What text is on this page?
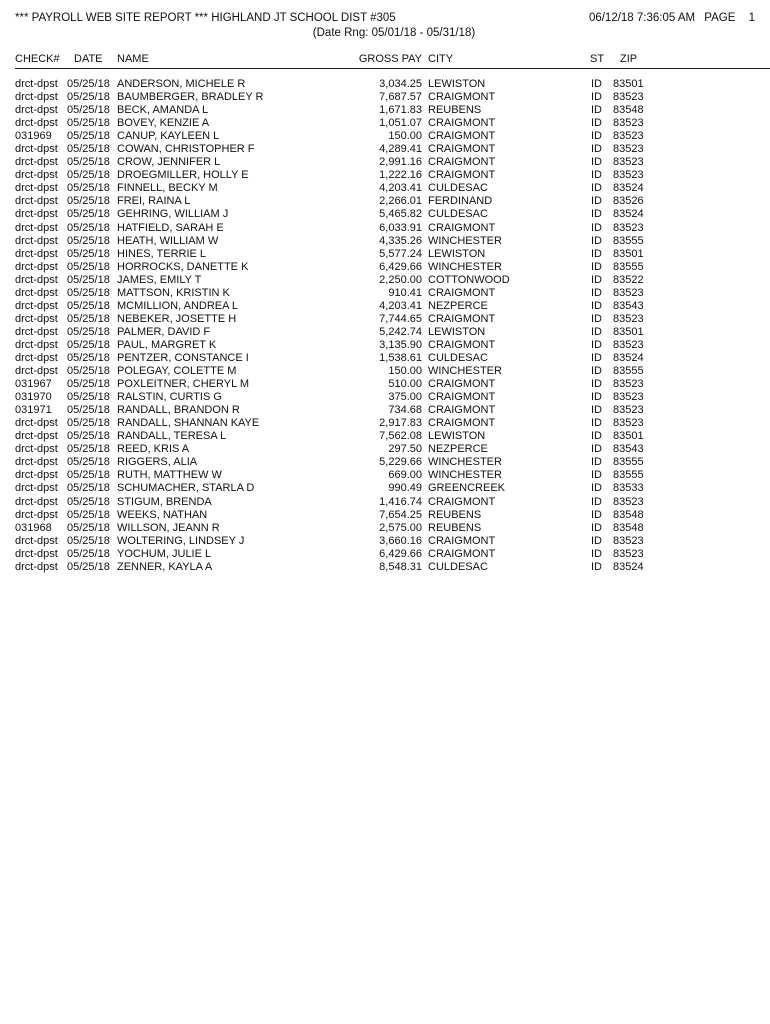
*** PAYROLL WEB SITE REPORT *** HIGHLAND JT SCHOOL DIST #305	06/12/18 7:36:05 AM PAGE 1
(Date Rng: 05/01/18 - 05/31/18)
CHECK# DATE NAME	GROSS PAY CITY	ST ZIP
drct-dpst 05/25/18 ANDERSON, MICHELE R	3,034.25 LEWISTON	ID 83501
drct-dpst 05/25/18 BAUMBERGER, BRADLEY R	7,687.57 CRAIGMONT	ID 83523
drct-dpst 05/25/18 BECK, AMANDA L	1,671.83 REUBENS	ID 83548
drct-dpst 05/25/18 BOVEY, KENZIE A	1,051.07 CRAIGMONT	ID 83523
031969 05/25/18 CANUP, KAYLEEN L	150.00 CRAIGMONT	ID 83523
drct-dpst 05/25/18 COWAN, CHRISTOPHER F	4,289.41 CRAIGMONT	ID 83523
drct-dpst 05/25/18 CROW, JENNIFER L	2,991.16 CRAIGMONT	ID 83523
drct-dpst 05/25/18 DROEGMILLER, HOLLY E	1,222.16 CRAIGMONT	ID 83523
drct-dpst 05/25/18 FINNELL, BECKY M	4,203.41 CULDESAC	ID 83524
drct-dpst 05/25/18 FREI, RAINA L	2,266.01 FERDINAND	ID 83526
drct-dpst 05/25/18 GEHRING, WILLIAM J	5,465.82 CULDESAC	ID 83524
drct-dpst 05/25/18 HATFIELD, SARAH E	6,033.91 CRAIGMONT	ID 83523
drct-dpst 05/25/18 HEATH, WILLIAM W	4,335.26 WINCHESTER	ID 83555
drct-dpst 05/25/18 HINES, TERRIE L	5,577.24 LEWISTON	ID 83501
drct-dpst 05/25/18 HORROCKS, DANETTE K	6,429.66 WINCHESTER	ID 83555
drct-dpst 05/25/18 JAMES, EMILY T	2,250.00 COTTONWOOD	ID 83522
drct-dpst 05/25/18 MATTSON, KRISTIN K	910.41 CRAIGMONT	ID 83523
drct-dpst 05/25/18 MCMILLION, ANDREA L	4,203.41 NEZPERCE	ID 83543
drct-dpst 05/25/18 NEBEKER, JOSETTE H	7,744.65 CRAIGMONT	ID 83523
drct-dpst 05/25/18 PALMER, DAVID F	5,242.74 LEWISTON	ID 83501
drct-dpst 05/25/18 PAUL, MARGRET K	3,135.90 CRAIGMONT	ID 83523
drct-dpst 05/25/18 PENTZER, CONSTANCE I	1,538.61 CULDESAC	ID 83524
drct-dpst 05/25/18 POLEGAY, COLETTE M	150.00 WINCHESTER	ID 83555
031967 05/25/18 POXLEITNER, CHERYL M	510.00 CRAIGMONT	ID 83523
031970 05/25/18 RALSTIN, CURTIS G	375.00 CRAIGMONT	ID 83523
031971 05/25/18 RANDALL, BRANDON R	734.68 CRAIGMONT	ID 83523
drct-dpst 05/25/18 RANDALL, SHANNAN KAYE	2,917.83 CRAIGMONT	ID 83523
drct-dpst 05/25/18 RANDALL, TERESA L	7,562.08 LEWISTON	ID 83501
drct-dpst 05/25/18 REED, KRIS A	297.50 NEZPERCE	ID 83543
drct-dpst 05/25/18 RIGGERS, ALIA	5,229.66 WINCHESTER	ID 83555
drct-dpst 05/25/18 RUTH, MATTHEW W	669.00 WINCHESTER	ID 83555
drct-dpst 05/25/18 SCHUMACHER, STARLA D	990.49 GREENCREEK	ID 83533
drct-dpst 05/25/18 STIGUM, BRENDA	1,416.74 CRAIGMONT	ID 83523
drct-dpst 05/25/18 WEEKS, NATHAN	7,654.25 REUBENS	ID 83548
031968 05/25/18 WILLSON, JEANN R	2,575.00 REUBENS	ID 83548
drct-dpst 05/25/18 WOLTERING, LINDSEY J	3,660.16 CRAIGMONT	ID 83523
drct-dpst 05/25/18 YOCHUM, JULIE L	6,429.66 CRAIGMONT	ID 83523
drct-dpst 05/25/18 ZENNER, KAYLA A	8,548.31 CULDESAC	ID 83524
